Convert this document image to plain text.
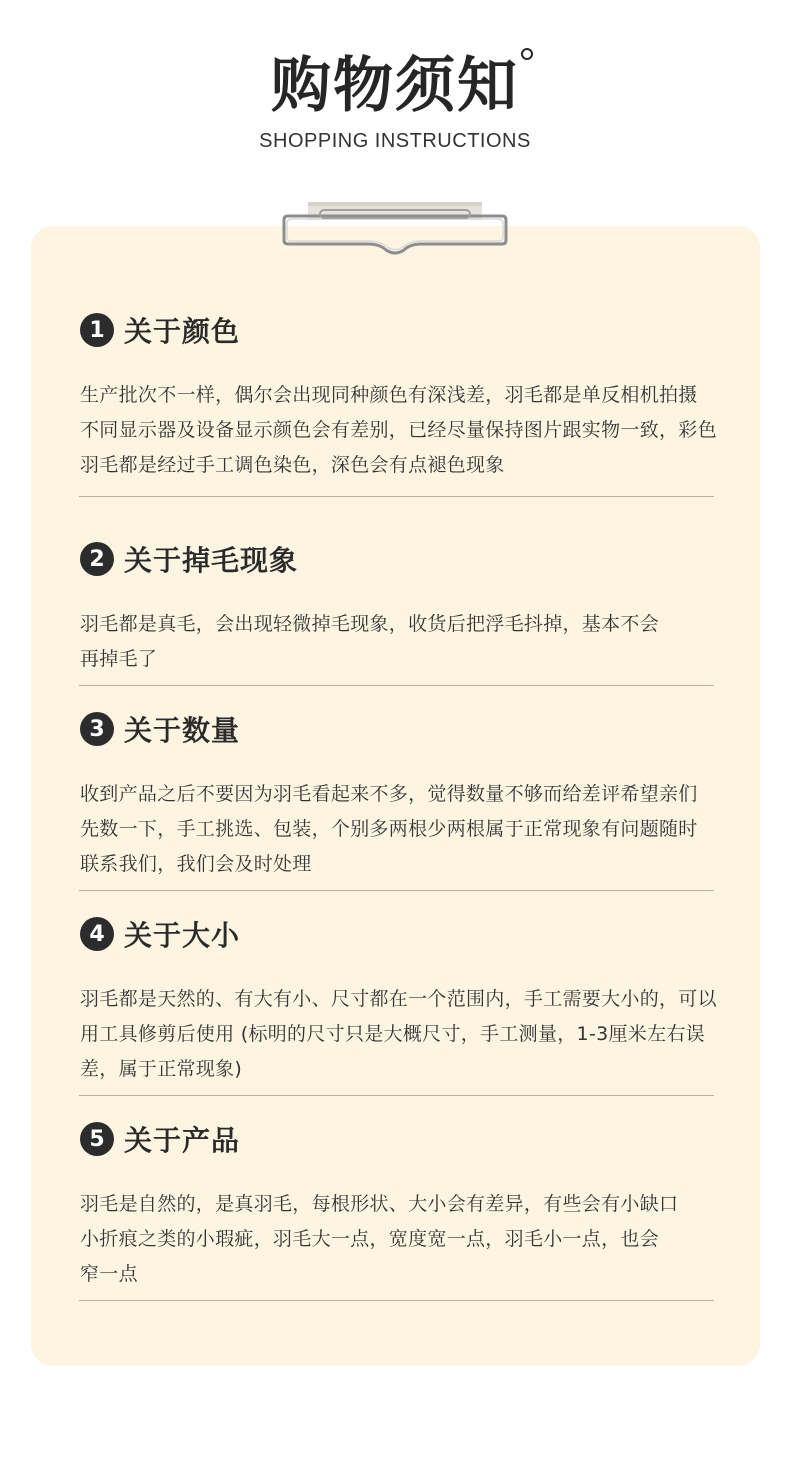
购物须知
SHOPPING INSTRUCTIONS
1 关于颜色
生产批次不一样，偶尔会出现同种颜色有深浅差，羽毛都是单反相机拍摄
不同显示器及设备显示颜色会有差别，已经尽量保持图片跟实物一致，彩色
羽毛都是经过手工调色染色，深色会有点褪色现象
2 关于掉毛现象
羽毛都是真毛，会出现轻微掉毛现象，收货后把浮毛抖掉，基本不会
再掉毛了
3 关于数量
收到产品之后不要因为羽毛看起来不多，觉得数量不够而给差评希望亲们
先数一下，手工挑选、包装，个别多两根少两根属于正常现象有问题随时
联系我们，我们会及时处理
4 关于大小
羽毛都是天然的、有大有小、尺寸都在一个范围内，手工需要大小的，可以
用工具修剪后使用 (标明的尺寸只是大概尺寸，手工测量，1-3厘米左右误
差，属于正常现象)
5 关于产品
羽毛是自然的，是真羽毛，每根形状、大小会有差异，有些会有小缺口
小折痕之类的小瑕疵，羽毛大一点，宽度宽一点，羽毛小一点，也会
窄一点
